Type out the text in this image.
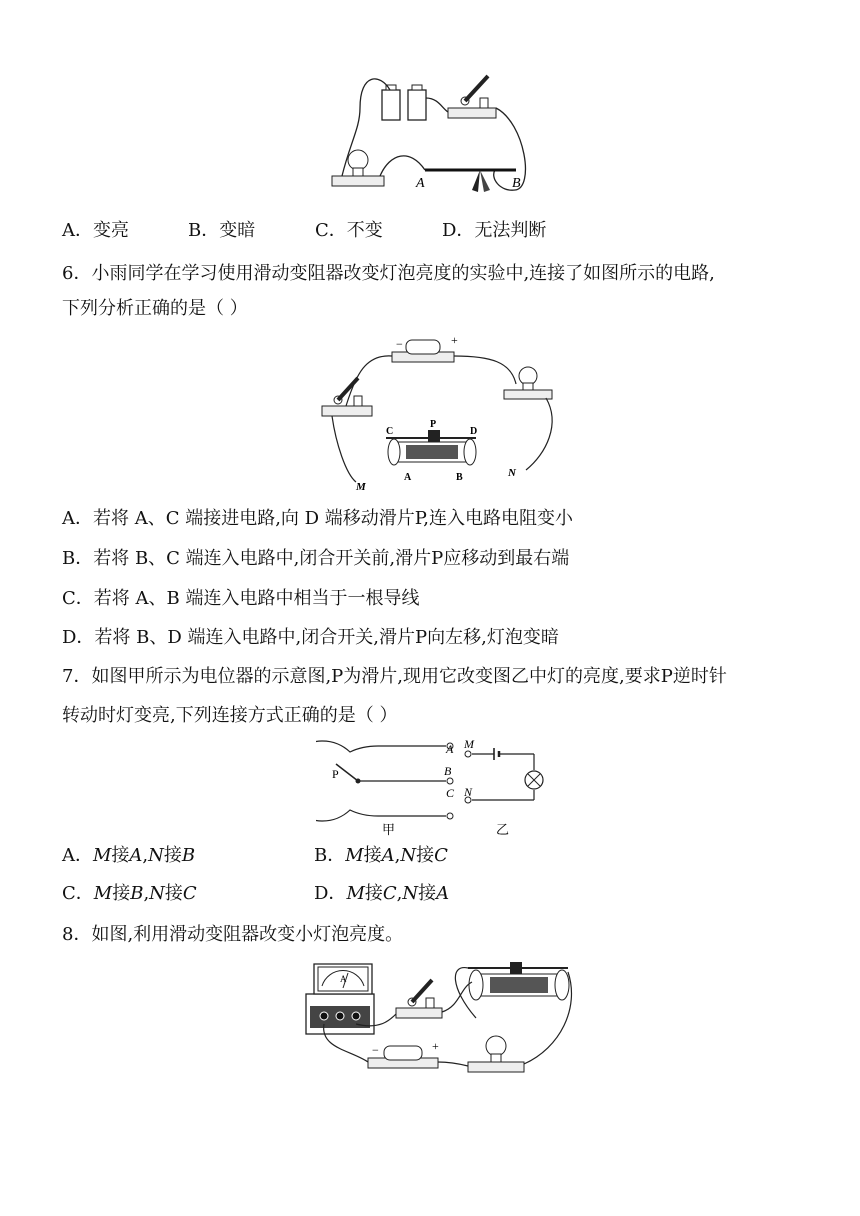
A	B
A．变亮	B．变暗	C．不变	D．无法判断
6．小雨同学在学习使用滑动变阻器改变灯泡亮度的实验中,连接了如图所示的电路,
下列分析正确的是（ ）
−	+
C
P
D
A	B
M
N
A．若将 A、C 端接进电路,向 D 端移动滑片P,连入电路电阻变小
B．若将 B、C 端连入电路中,闭合开关前,滑片P应移动到最右端
C．若将 A、B 端连入电路中相当于一根导线
D．若将 B、D 端连入电路中,闭合开关,滑片P向左移,灯泡变暗
7．如图甲所示为电位器的示意图,P为滑片,现用它改变图乙中灯的亮度,要求P逆时针
转动时灯变亮,下列连接方式正确的是（ ）
P
A
B
C
M
N
甲	乙
A．𝑀接𝐴,𝑁接𝐵	B．𝑀接𝐴,𝑁接𝐶
C．𝑀接𝐵,𝑁接𝐶	D．𝑀接𝐶,𝑁接𝐴
8．如图,利用滑动变阻器改变小灯泡亮度。
A
−	+
